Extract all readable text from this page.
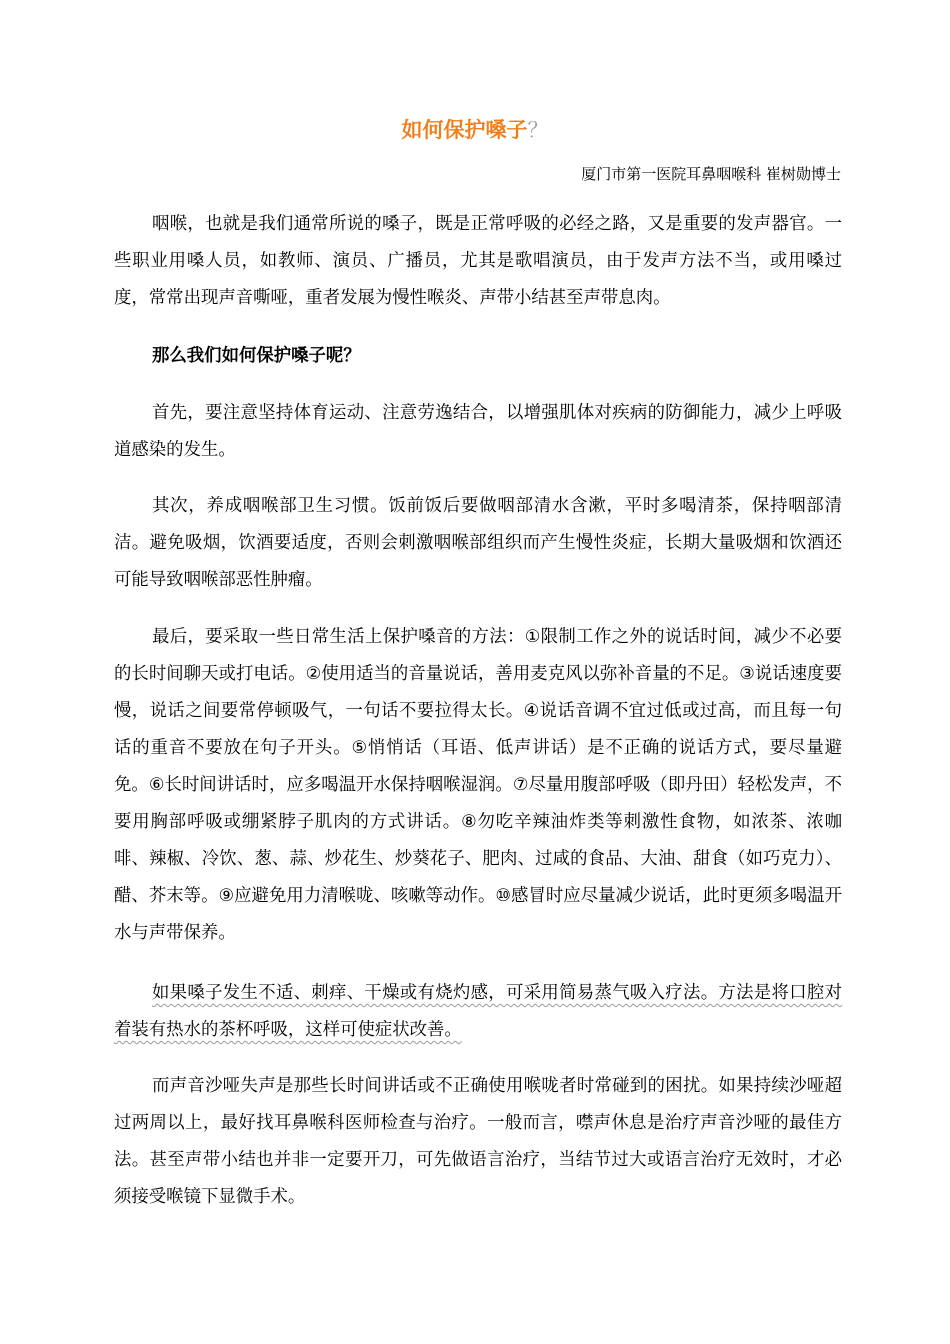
如何保护嗓子？
厦门市第一医院耳鼻咽喉科 崔树勋博士

咽喉，也就是我们通常所说的嗓子，既是正常呼吸的必经之路，又是重要的发声器官。一些职业用嗓人员，如教师、演员、广播员，尤其是歌唱演员，由于发声方法不当，或用嗓过度，常常出现声音嘶哑，重者发展为慢性喉炎、声带小结甚至声带息肉。

那么我们如何保护嗓子呢？

首先，要注意坚持体育运动、注意劳逸结合，以增强肌体对疾病的防御能力，减少上呼吸道感染的发生。

其次，养成咽喉部卫生习惯。饭前饭后要做咽部清水含漱，平时多喝清茶，保持咽部清洁。避免吸烟，饮酒要适度，否则会刺激咽喉部组织而产生慢性炎症，长期大量吸烟和饮酒还可能导致咽喉部恶性肿瘤。

最后，要采取一些日常生活上保护嗓音的方法：①限制工作之外的说话时间，减少不必要的长时间聊天或打电话。②使用适当的音量说话，善用麦克风以弥补音量的不足。③说话速度要慢，说话之间要常停顿吸气，一句话不要拉得太长。④说话音调不宜过低或过高，而且每一句话的重音不要放在句子开头。⑤悄悄话（耳语、低声讲话）是不正确的说话方式，要尽量避免。⑥长时间讲话时，应多喝温开水保持咽喉湿润。⑦尽量用腹部呼吸（即丹田）轻松发声，不要用胸部呼吸或绷紧脖子肌肉的方式讲话。⑧勿吃辛辣油炸类等刺激性食物，如浓茶、浓咖啡、辣椒、冷饮、葱、蒜、炒花生、炒葵花子、肥肉、过咸的食品、大油、甜食（如巧克力）、醋、芥末等。⑨应避免用力清喉咙、咳嗽等动作。⑩感冒时应尽量减少说话，此时更须多喝温开水与声带保养。

如果嗓子发生不适、刺痒、干燥或有烧灼感，可采用简易蒸气吸入疗法。方法是将口腔对着装有热水的茶杯呼吸，这样可使症状改善。

而声音沙哑失声是那些长时间讲话或不正确使用喉咙者时常碰到的困扰。如果持续沙哑超过两周以上，最好找耳鼻喉科医师检查与治疗。一般而言，噤声休息是治疗声音沙哑的最佳方法。甚至声带小结也并非一定要开刀，可先做语言治疗，当结节过大或语言治疗无效时，才必须接受喉镜下显微手术。
